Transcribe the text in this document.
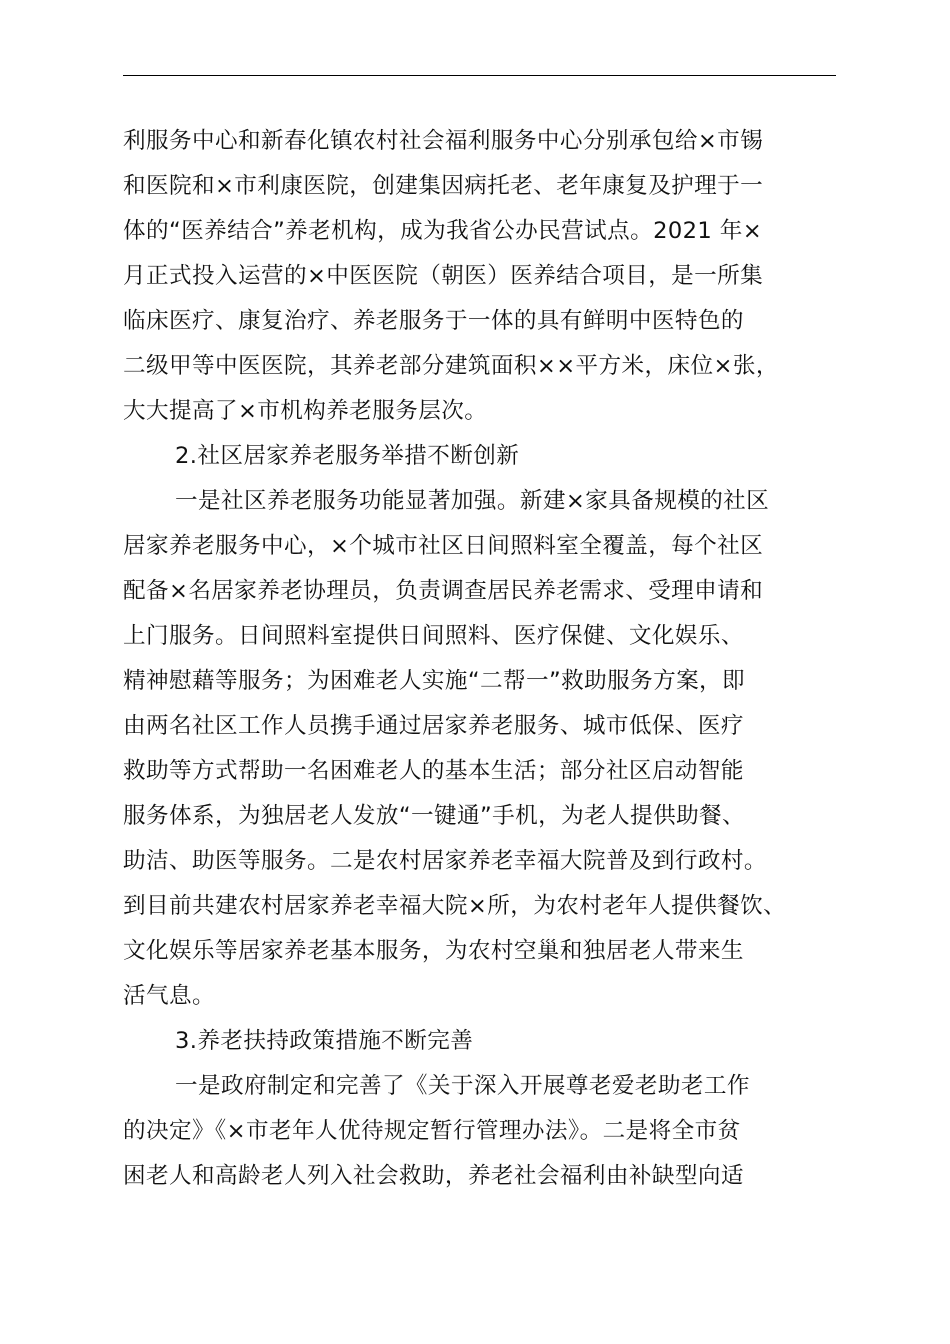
利服务中心和新春化镇农村社会福利服务中心分别承包给×市锡
和医院和×市利康医院，创建集因病托老、老年康复及护理于一
体的“医养结合”养老机构，成为我省公办民营试点。2021 年×
月正式投入运营的×中医医院（朝医）医养结合项目，是一所集
临床医疗、康复治疗、养老服务于一体的具有鲜明中医特色的
二级甲等中医医院，其养老部分建筑面积××平方米，床位×张，
大大提高了×市机构养老服务层次。
2.社区居家养老服务举措不断创新
一是社区养老服务功能显著加强。新建×家具备规模的社区
居家养老服务中心，×个城市社区日间照料室全覆盖，每个社区
配备×名居家养老协理员，负责调查居民养老需求、受理申请和
上门服务。日间照料室提供日间照料、医疗保健、文化娱乐、
精神慰藉等服务；为困难老人实施“二帮一”救助服务方案，即
由两名社区工作人员携手通过居家养老服务、城市低保、医疗
救助等方式帮助一名困难老人的基本生活；部分社区启动智能
服务体系，为独居老人发放“一键通”手机，为老人提供助餐、
助洁、助医等服务。二是农村居家养老幸福大院普及到行政村。
到目前共建农村居家养老幸福大院×所，为农村老年人提供餐饮、
文化娱乐等居家养老基本服务，为农村空巢和独居老人带来生
活气息。
3.养老扶持政策措施不断完善
一是政府制定和完善了《关于深入开展尊老爱老助老工作
的决定》《×市老年人优待规定暂行管理办法》。二是将全市贫
困老人和高龄老人列入社会救助，养老社会福利由补缺型向适
